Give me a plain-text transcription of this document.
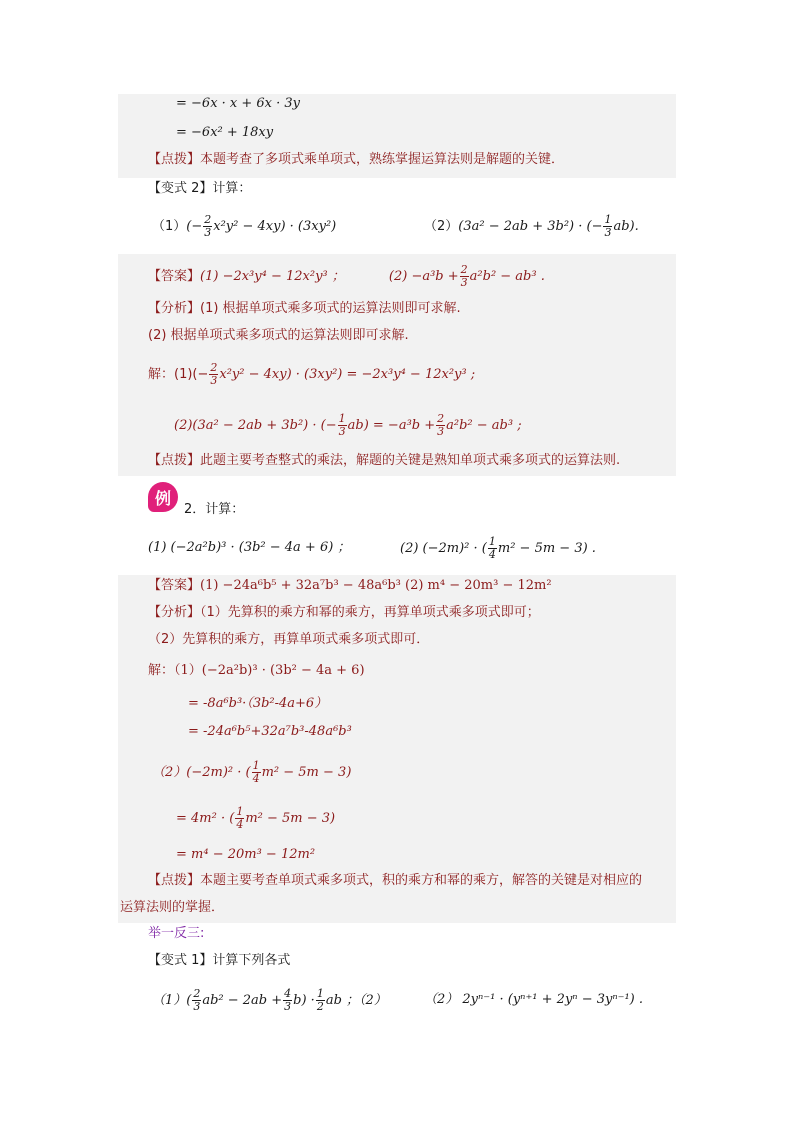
= −6x · x + 6x · 3y
= −6x² + 18xy
【点拨】本题考查了多项式乘单项式，熟练掌握运算法则是解题的关键．
【变式 2】计算：
$(1)(- \frac{2}{3} x^2y^2 - 4xy) \cdot (3xy^2)$	（2）(3a² − 2ab + 3b²) · (− $\frac{1}{3} ab$).
【答案】(1) −2x³y⁴ − 12x²y³ ；	$(2) -a^3b + \frac{2}{3} a^2b^2 - ab^3$ .
【分析】(1) 根据单项式乘多项式的运算法则即可求解.
(2) 根据单项式乘多项式的运算法则即可求解.
解：$(1)(- \frac{2}{3} x^2y^2 - 4xy) \cdot (3xy^2) = -2x^3y^4 - 12x^2y^3$ ;
(2)(3a² − 2ab + 3b²) · (− $\frac{1}{3} ab) = -a^3b + \frac{2}{3} a^2b^2 - ab^3$ ;
【点拨】此题主要考查整式的乘法，解题的关键是熟知单项式乘多项式的运算法则.
例
2．计算：
(1) (−2a²b)³ · (3b² − 4a + 6) ；	(2) (−2m)² · ( $\frac{1}{4} m^2 - 5m - 3$) .
【答案】(1) −24a⁶b⁵ + 32a⁷b³ − 48a⁶b³ (2) m⁴ − 20m³ − 12m²
【分析】（1）先算积的乘方和幂的乘方，再算单项式乘多项式即可；
（2）先算积的乘方，再算单项式乘多项式即可．
解：（1）(−2a²b)³ · (3b² − 4a + 6)
= -8a⁶b³·（3b²-4a+6）
= -24a⁶b⁵+32a⁷b³-48a⁶b³
（2）(−2m)² · ( $\frac{1}{4} m^2 - 5m - 3$)
= 4m² · ( $\frac{1}{4} m^2 - 5m - 3$)
= m⁴ − 20m³ − 12m²
【点拨】本题主要考查单项式乘多项式，积的乘方和幂的乘方，解答的关键是对相应的
运算法则的掌握．
举一反三:
【变式 1】计算下列各式
$(1)( \frac{2}{3} ab^2 - 2ab + \frac{4}{3} b) \cdot \frac{1}{2}$ ab ；（2）	（2） 2yⁿ⁻¹ · (yⁿ⁺¹ + 2yⁿ − 3yⁿ⁻¹) .
